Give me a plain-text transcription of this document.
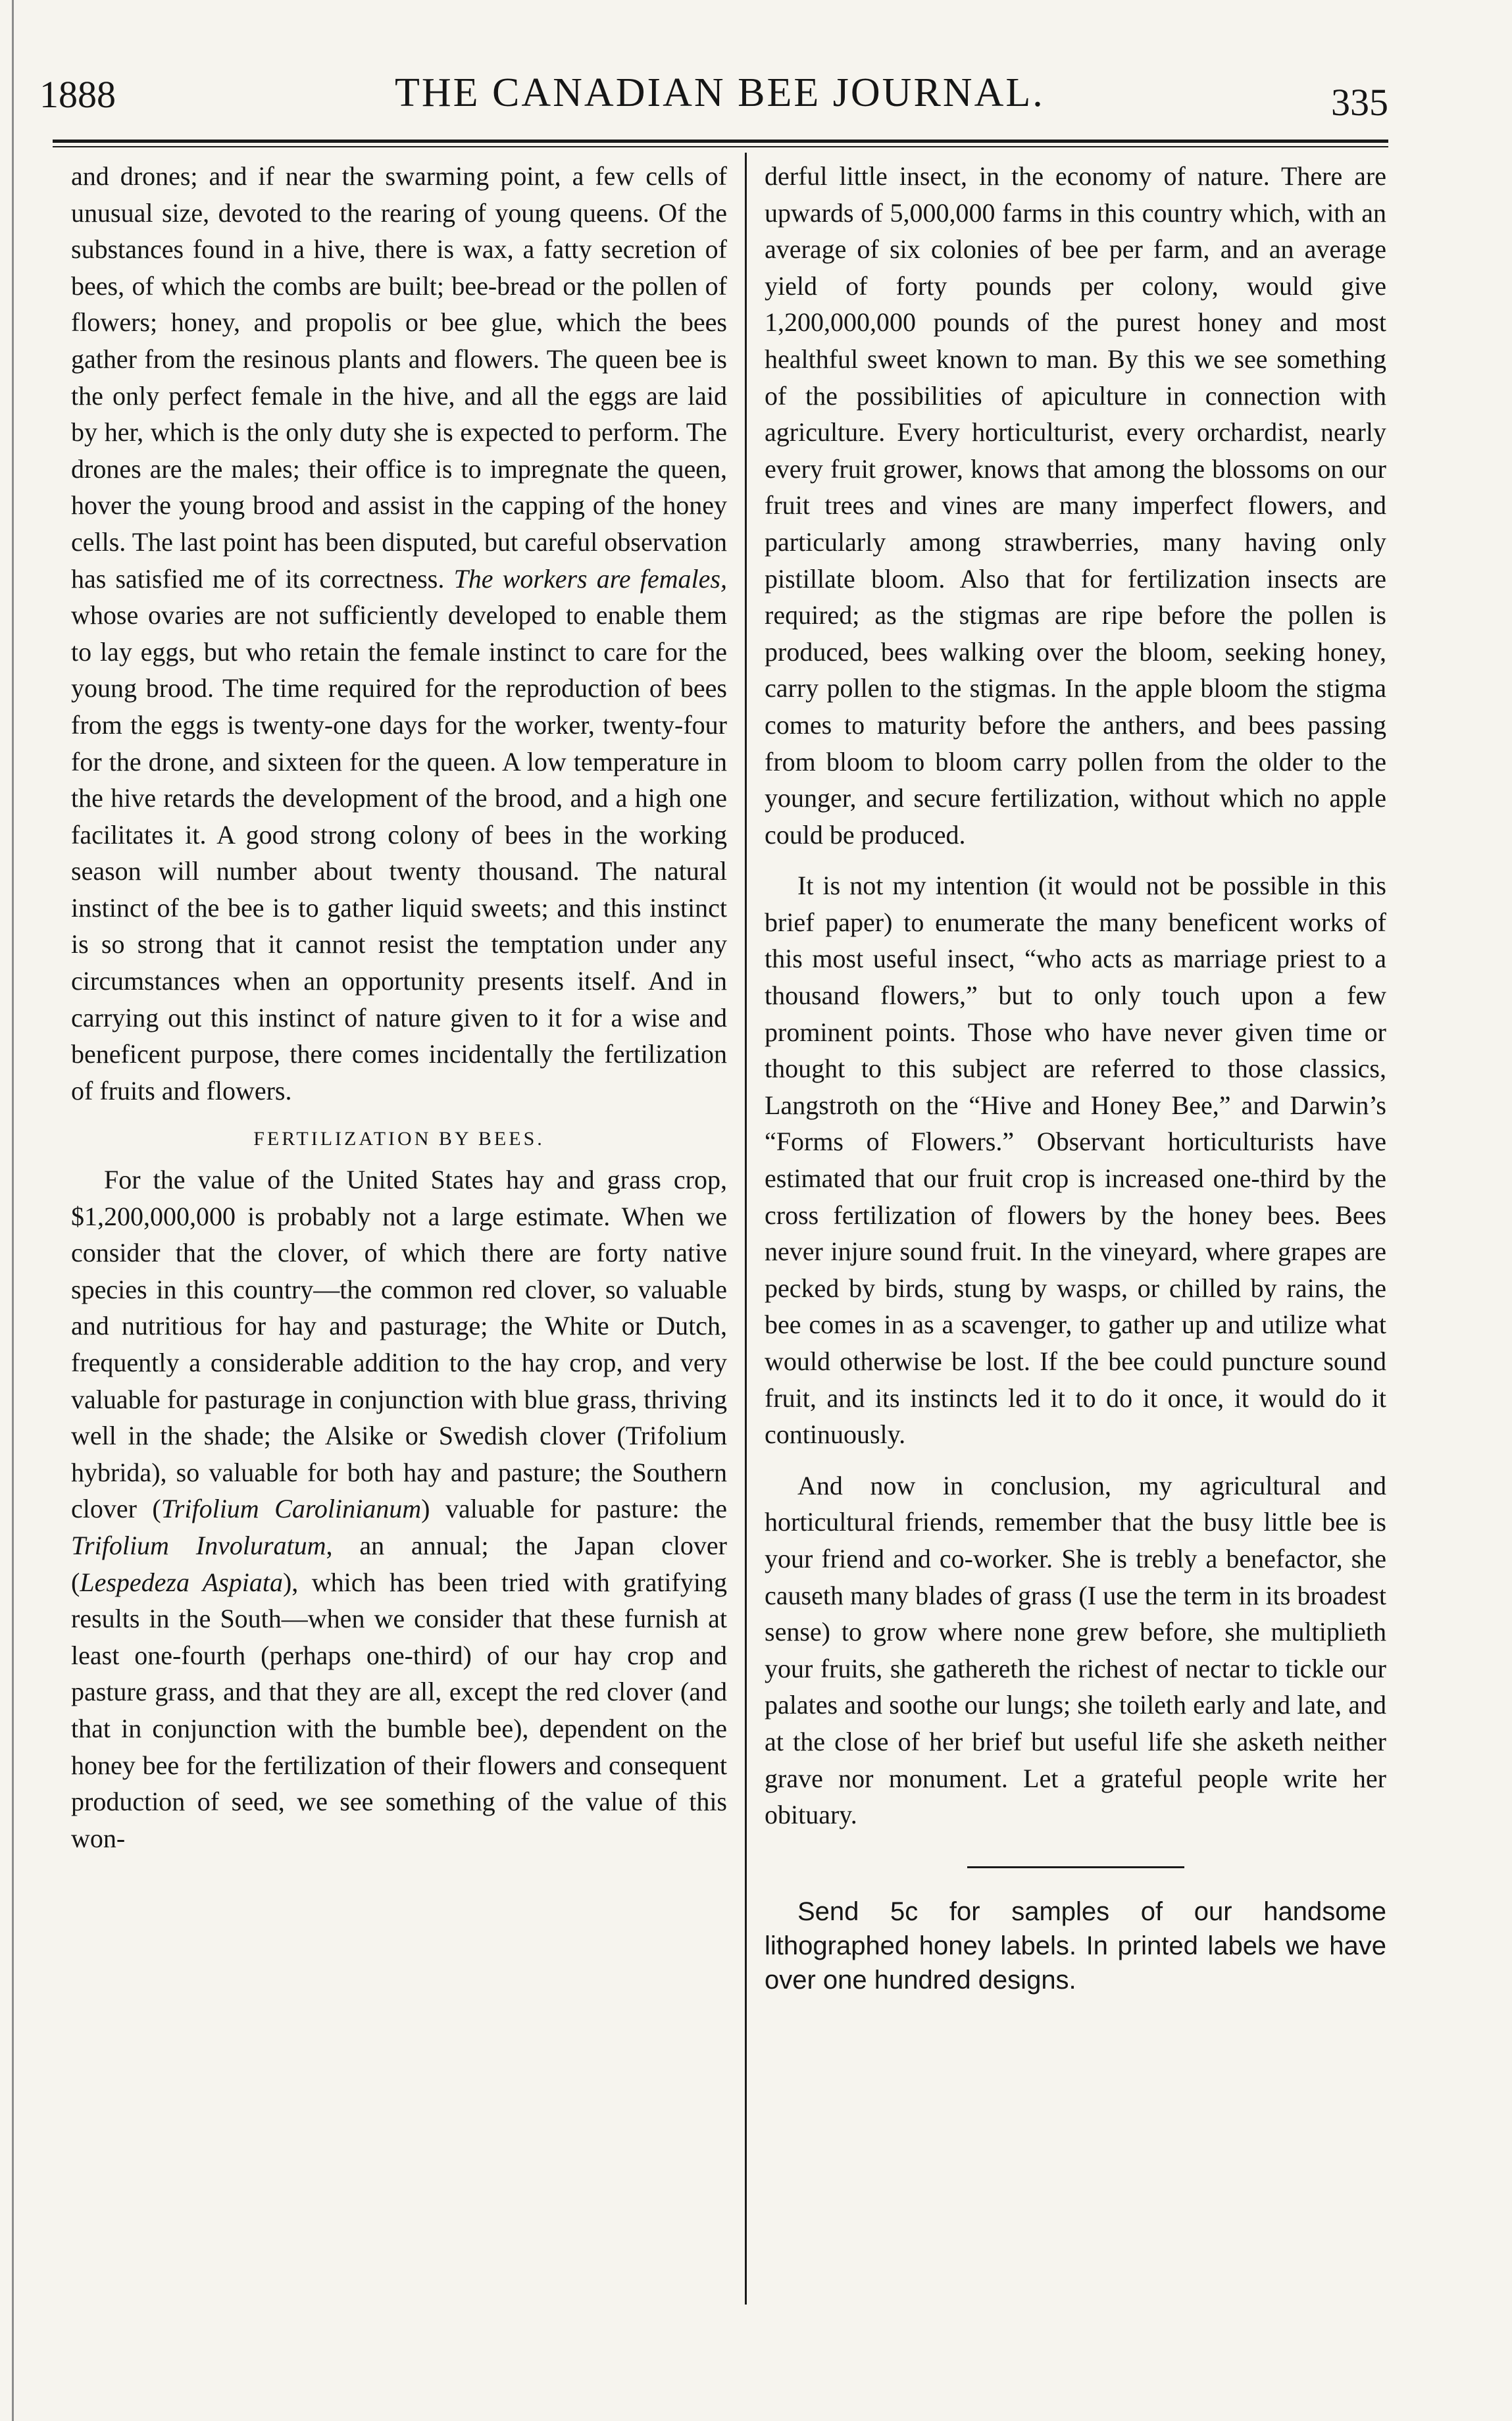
1888	THE CANADIAN BEE JOURNAL.	335

and drones; and if near the swarming point, a few cells of unusual size, devoted to the rearing of young queens. Of the substances found in a hive, there is wax, a fatty secretion of bees, of which the combs are built; bee-bread or the pollen of flowers; honey, and propolis or bee glue, which the bees gather from the resinous plants and flowers. The queen bee is the only perfect female in the hive, and all the eggs are laid by her, which is the only duty she is expected to perform. The drones are the males; their office is to impregnate the queen, hover the young brood and assist in the capping of the honey cells. The last point has been disputed, but careful observation has satisfied me of its correctness. The workers are females, whose ovaries are not sufficiently developed to enable them to lay eggs, but who retain the female instinct to care for the young brood. The time required for the reproduction of bees from the eggs is twenty-one days for the worker, twenty-four for the drone, and sixteen for the queen. A low temperature in the hive retards the development of the brood, and a high one facilitates it. A good strong colony of bees in the working season will number about twenty thousand. The natural instinct of the bee is to gather liquid sweets; and this instinct is so strong that it cannot resist the temptation under any circumstances when an opportunity presents itself. And in carrying out this instinct of nature given to it for a wise and beneficent purpose, there comes incidentally the fertilization of fruits and flowers.

FERTILIZATION BY BEES.

For the value of the United States hay and grass crop, $1,200,000,000 is probably not a large estimate. When we consider that the clover, of which there are forty native species in this country—the common red clover, so valuable and nutritious for hay and pasturage; the White or Dutch, frequently a considerable addition to the hay crop, and very valuable for pasturage in conjunction with blue grass, thriving well in the shade; the Alsike or Swedish clover (Trifolium hybrida), so valuable for both hay and pasture; the Southern clover (Trifolium Carolinianum) valuable for pasture: the Trifolium Involuratum, an annual; the Japan clover (Lespedeza Aspiata), which has been tried with gratifying results in the South—when we consider that these furnish at least one-fourth (perhaps one-third) of our hay crop and pasture grass, and that they are all, except the red clover (and that in conjunction with the bumble bee), dependent on the honey bee for the fertilization of their flowers and consequent production of seed, we see something of the value of this won-

derful little insect, in the economy of nature. There are upwards of 5,000,000 farms in this country which, with an average of six colonies of bee per farm, and an average yield of forty pounds per colony, would give 1,200,000,000 pounds of the purest honey and most healthful sweet known to man. By this we see something of the possibilities of apiculture in connection with agriculture. Every horticulturist, every orchardist, nearly every fruit grower, knows that among the blossoms on our fruit trees and vines are many imperfect flowers, and particularly among strawberries, many having only pistillate bloom. Also that for fertilization insects are required; as the stigmas are ripe before the pollen is produced, bees walking over the bloom, seeking honey, carry pollen to the stigmas. In the apple bloom the stigma comes to maturity before the anthers, and bees passing from bloom to bloom carry pollen from the older to the younger, and secure fertilization, without which no apple could be produced.

It is not my intention (it would not be possible in this brief paper) to enumerate the many beneficent works of this most useful insect, “who acts as marriage priest to a thousand flowers,” but to only touch upon a few prominent points. Those who have never given time or thought to this subject are referred to those classics, Langstroth on the “Hive and Honey Bee,” and Darwin’s “Forms of Flowers.” Observant horticulturists have estimated that our fruit crop is increased one-third by the cross fertilization of flowers by the honey bees. Bees never injure sound fruit. In the vineyard, where grapes are pecked by birds, stung by wasps, or chilled by rains, the bee comes in as a scavenger, to gather up and utilize what would otherwise be lost. If the bee could puncture sound fruit, and its instincts led it to do it once, it would do it continuously.

And now in conclusion, my agricultural and horticultural friends, remember that the busy little bee is your friend and co-worker. She is trebly a benefactor, she causeth many blades of grass (I use the term in its broadest sense) to grow where none grew before, she multiplieth your fruits, she gathereth the richest of nectar to tickle our palates and soothe our lungs; she toileth early and late, and at the close of her brief but useful life she asketh neither grave nor monument. Let a grateful people write her obituary.

Send 5c for samples of our handsome lithographed honey labels. In printed labels we have over one hundred designs.
